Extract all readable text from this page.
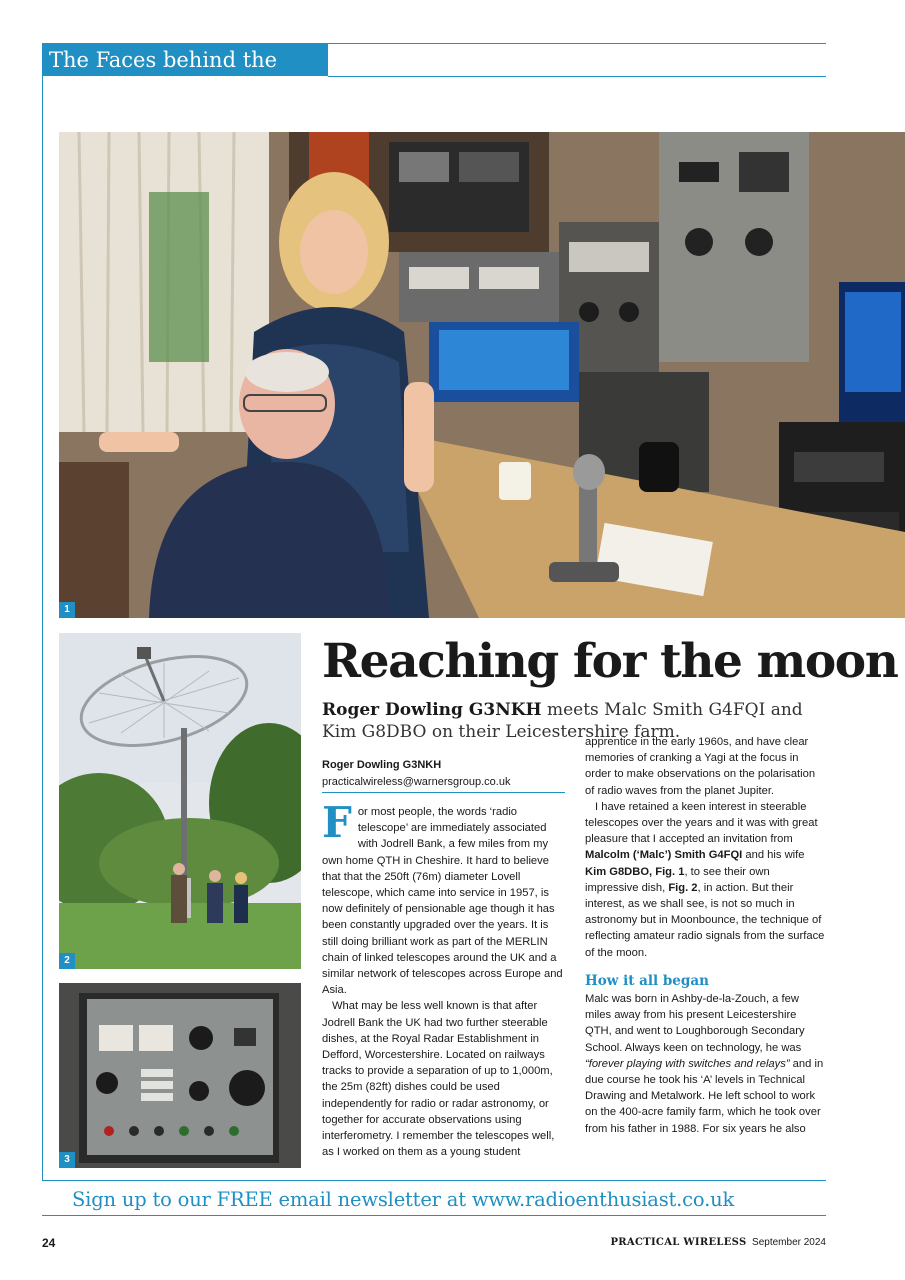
The Faces behind the Calls
1
2
3
Reaching for the moon

Roger Dowling G3NKH meets Malc Smith G4FQI and Kim G8DBO on their Leicestershire farm.

Roger Dowling G3NKH
practicalwireless@warnersgroup.co.uk

For most people, the words ‘radio telescope’ are immediately associated with Jodrell Bank, a few miles from my own home QTH in Cheshire. It hard to believe that that the 250ft (76m) diameter Lovell telescope, which came into service in 1957, is now definitely of pensionable age though it has been constantly upgraded over the years. It is still doing brilliant work as part of the MERLIN chain of linked telescopes around the UK and a similar network of telescopes across Europe and Asia.

What may be less well known is that after Jodrell Bank the UK had two further steerable dishes, at the Royal Radar Establishment in Defford, Worcestershire. Located on railways tracks to provide a separation of up to 1,000m, the 25m (82ft) dishes could be used independently for radio or radar astronomy, or together for accurate observations using interferometry. I remember the telescopes well, as I worked on them as a young student

apprentice in the early 1960s, and have clear memories of cranking a Yagi at the focus in order to make observations on the polarisation of radio waves from the planet Jupiter.

I have retained a keen interest in steerable telescopes over the years and it was with great pleasure that I accepted an invitation from Malcolm (‘Malc’) Smith G4FQI and his wife Kim G8DBO, Fig. 1, to see their own impressive dish, Fig. 2, in action. But their interest, as we shall see, is not so much in astronomy but in Moonbounce, the technique of reflecting amateur radio signals from the surface of the moon.

How it all began

Malc was born in Ashby-de-la-Zouch, a few miles away from his present Leicestershire QTH, and went to Loughborough Secondary School. Always keen on technology, he was “forever playing with switches and relays” and in due course he took his ‘A’ levels in Technical Drawing and Metalwork. He left school to work on the 400-acre family farm, which he took over from his father in 1988. For six years he also

Sign up to our FREE email newsletter at www.radioenthusiast.co.uk
24	PRACTICAL WIRELESS September 2024
